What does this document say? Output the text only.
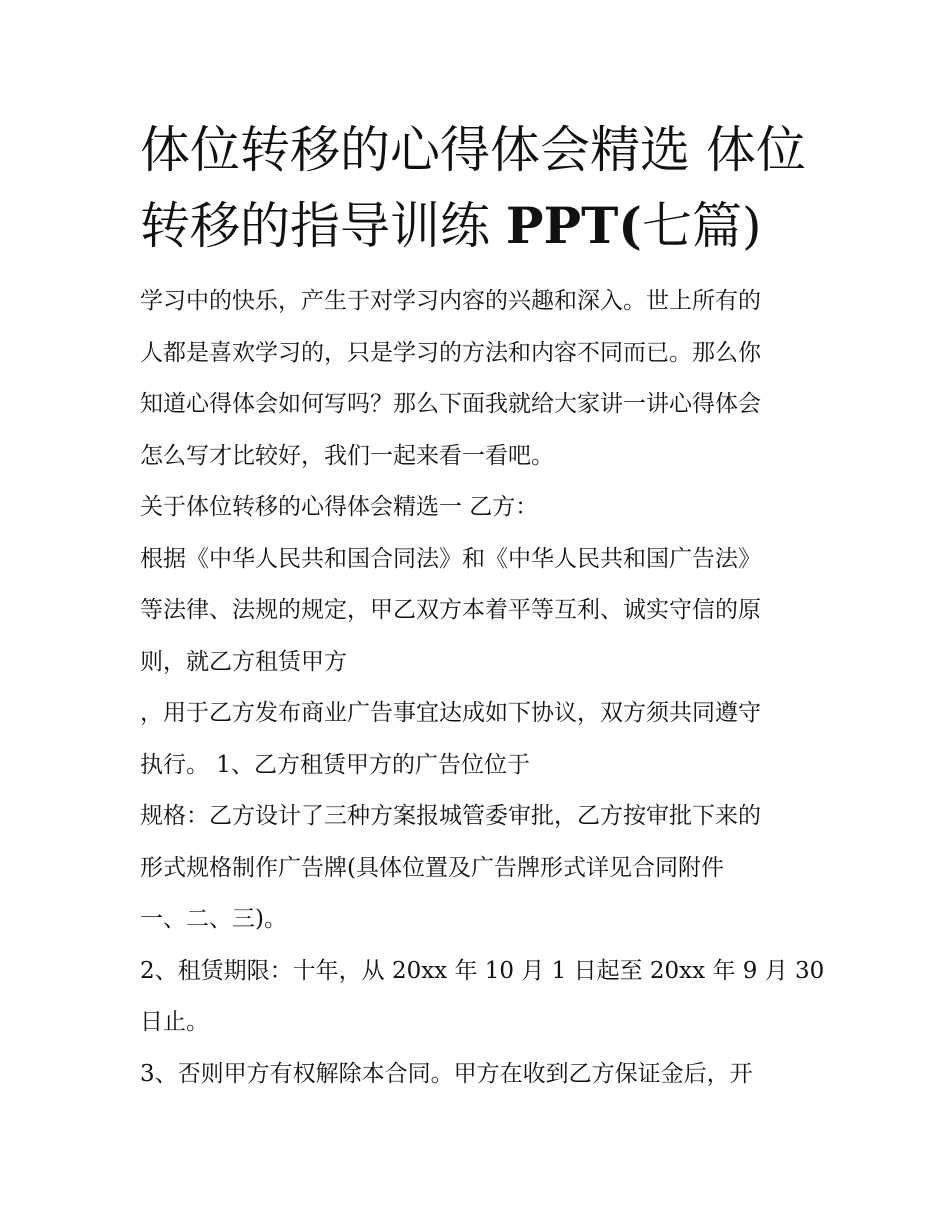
体位转移的心得体会精选 体位
转移的指导训练 PPT(七篇)
学习中的快乐，产生于对学习内容的兴趣和深入。世上所有的
人都是喜欢学习的，只是学习的方法和内容不同而已。那么你
知道心得体会如何写吗？那么下面我就给大家讲一讲心得体会
怎么写才比较好，我们一起来看一看吧。
关于体位转移的心得体会精选一 乙方：
根据《中华人民共和国合同法》和《中华人民共和国广告法》
等法律、法规的规定，甲乙双方本着平等互利、诚实守信的原
则，就乙方租赁甲方
，用于乙方发布商业广告事宜达成如下协议，双方须共同遵守
执行。 1、乙方租赁甲方的广告位位于
规格：乙方设计了三种方案报城管委审批，乙方按审批下来的
形式规格制作广告牌(具体位置及广告牌形式详见合同附件
一、二、三)。
2、租赁期限：十年，从 20xx 年 10 月 1 日起至 20xx 年 9 月 30
日止。
3、否则甲方有权解除本合同。甲方在收到乙方保证金后，开
